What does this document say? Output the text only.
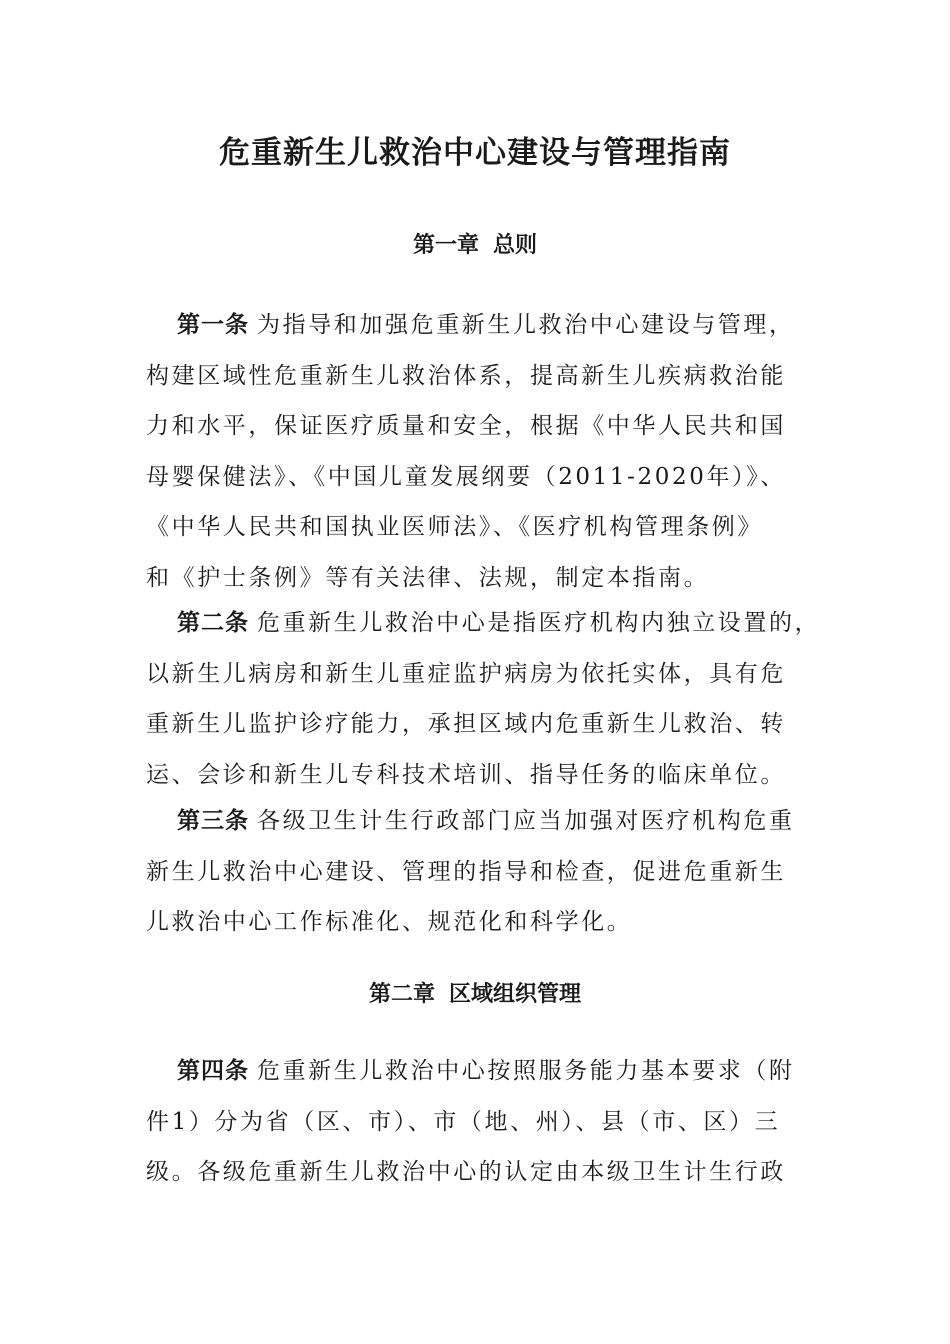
危重新生儿救治中心建设与管理指南
第一章 总则
第一条 为指导和加强危重新生儿救治中心建设与管理，
构建区域性危重新生儿救治体系，提高新生儿疾病救治能
力和水平，保证医疗质量和安全，根据《中华人民共和国
母婴保健法》、《中国儿童发展纲要（2011-2020年）》、
《中华人民共和国执业医师法》、《医疗机构管理条例》
和《护士条例》等有关法律、法规，制定本指南。
第二条 危重新生儿救治中心是指医疗机构内独立设置的，
以新生儿病房和新生儿重症监护病房为依托实体，具有危
重新生儿监护诊疗能力，承担区域内危重新生儿救治、转
运、会诊和新生儿专科技术培训、指导任务的临床单位。
第三条 各级卫生计生行政部门应当加强对医疗机构危重
新生儿救治中心建设、管理的指导和检查，促进危重新生
儿救治中心工作标准化、规范化和科学化。
第二章 区域组织管理
第四条 危重新生儿救治中心按照服务能力基本要求（附
件1）分为省（区、市）、市（地、州）、县（市、区）三
级。各级危重新生儿救治中心的认定由本级卫生计生行政
